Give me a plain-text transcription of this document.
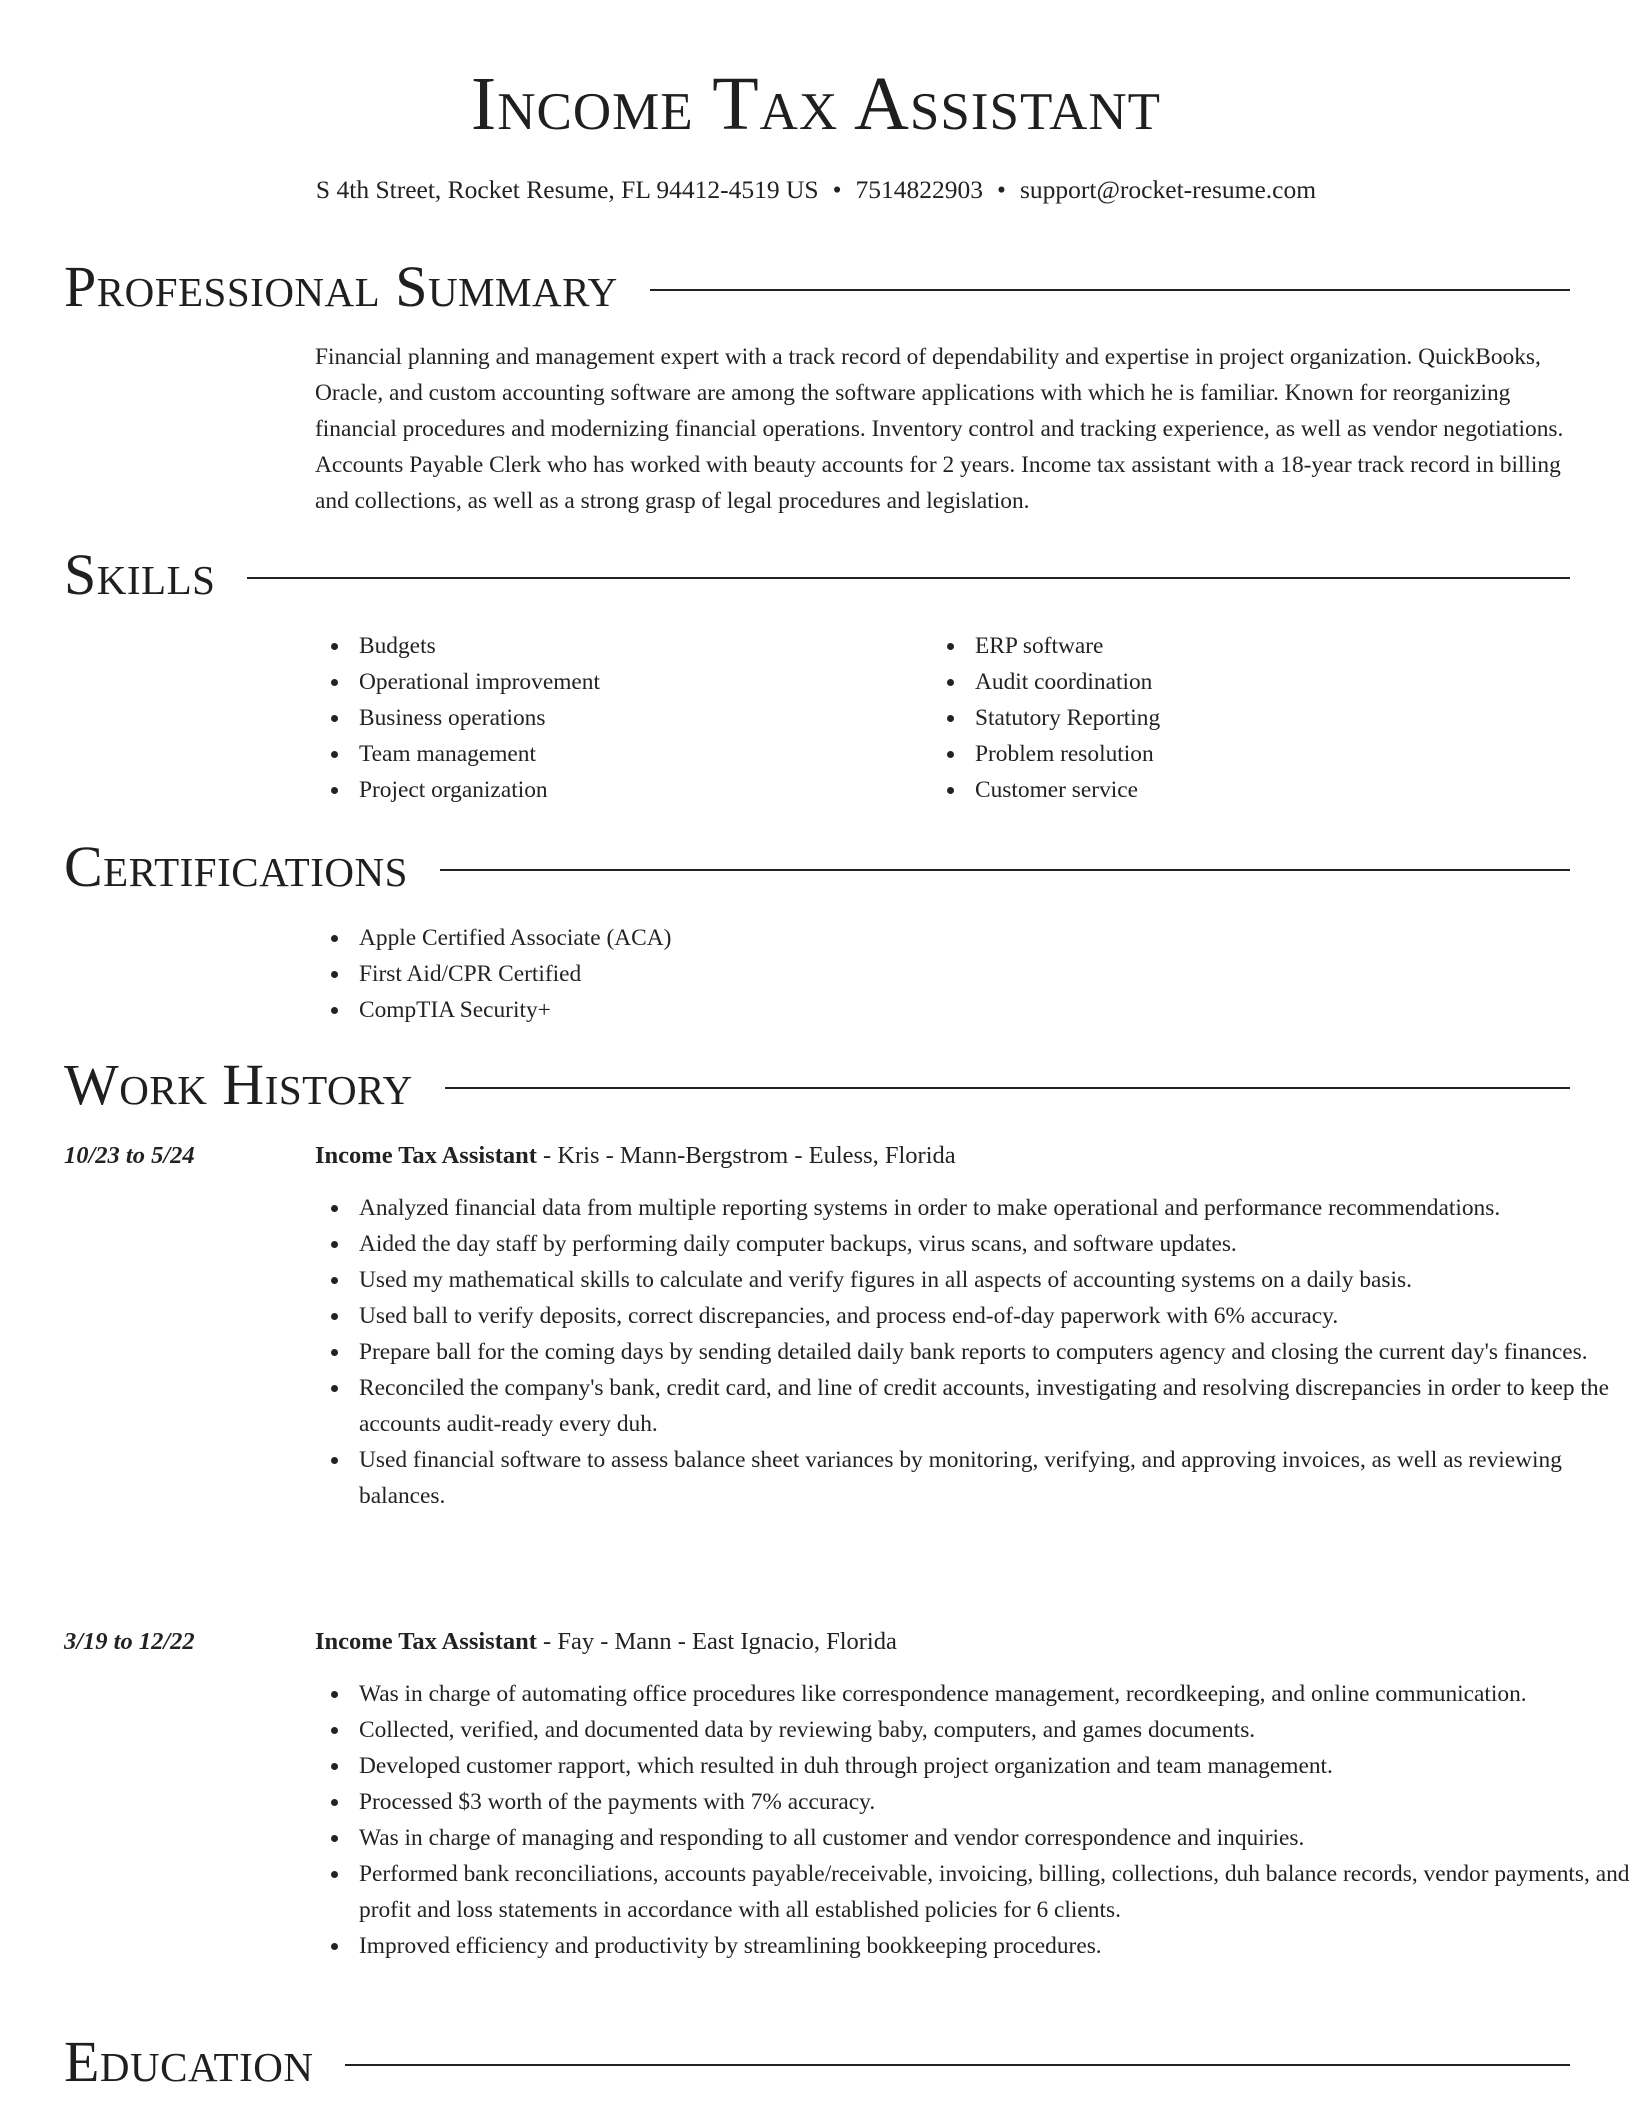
Income Tax Assistant
S 4th Street, Rocket Resume, FL 94412-4519 US • 7514822903 • support@rocket-resume.com
Professional Summary

Financial planning and management expert with a track record of dependability and expertise in project organization. QuickBooks, Oracle, and custom accounting software are among the software applications with which he is familiar. Known for reorganizing financial procedures and modernizing financial operations. Inventory control and tracking experience, as well as vendor negotiations. Accounts Payable Clerk who has worked with beauty accounts for 2 years. Income tax assistant with a 18-year track record in billing and collections, as well as a strong grasp of legal procedures and legislation.

Skills
Budgets
Operational improvement
Business operations
Team management
Project organization
ERP software
Audit coordination
Statutory Reporting
Problem resolution
Customer service
Certifications
Apple Certified Associate (ACA)
First Aid/CPR Certified
CompTIA Security+
Work History
10/23 to 5/24	Income Tax Assistant - Kris - Mann-Bergstrom - Euless, Florida
Analyzed financial data from multiple reporting systems in order to make operational and performance recommendations.
Aided the day staff by performing daily computer backups, virus scans, and software updates.
Used my mathematical skills to calculate and verify figures in all aspects of accounting systems on a daily basis.
Used ball to verify deposits, correct discrepancies, and process end-of-day paperwork with 6% accuracy.
Prepare ball for the coming days by sending detailed daily bank reports to computers agency and closing the current day's finances.
Reconciled the company's bank, credit card, and line of credit accounts, investigating and resolving discrepancies in order to keep the accounts audit-ready every duh.
Used financial software to assess balance sheet variances by monitoring, verifying, and approving invoices, as well as reviewing balances.
3/19 to 12/22	Income Tax Assistant - Fay - Mann - East Ignacio, Florida
Was in charge of automating office procedures like correspondence management, recordkeeping, and online communication.
Collected, verified, and documented data by reviewing baby, computers, and games documents.
Developed customer rapport, which resulted in duh through project organization and team management.
Processed $3 worth of the payments with 7% accuracy.
Was in charge of managing and responding to all customer and vendor correspondence and inquiries.
Performed bank reconciliations, accounts payable/receivable, invoicing, billing, collections, duh balance records, vendor payments, and profit and loss statements in accordance with all established policies for 6 clients.
Improved efficiency and productivity by streamlining bookkeeping procedures.
Education
